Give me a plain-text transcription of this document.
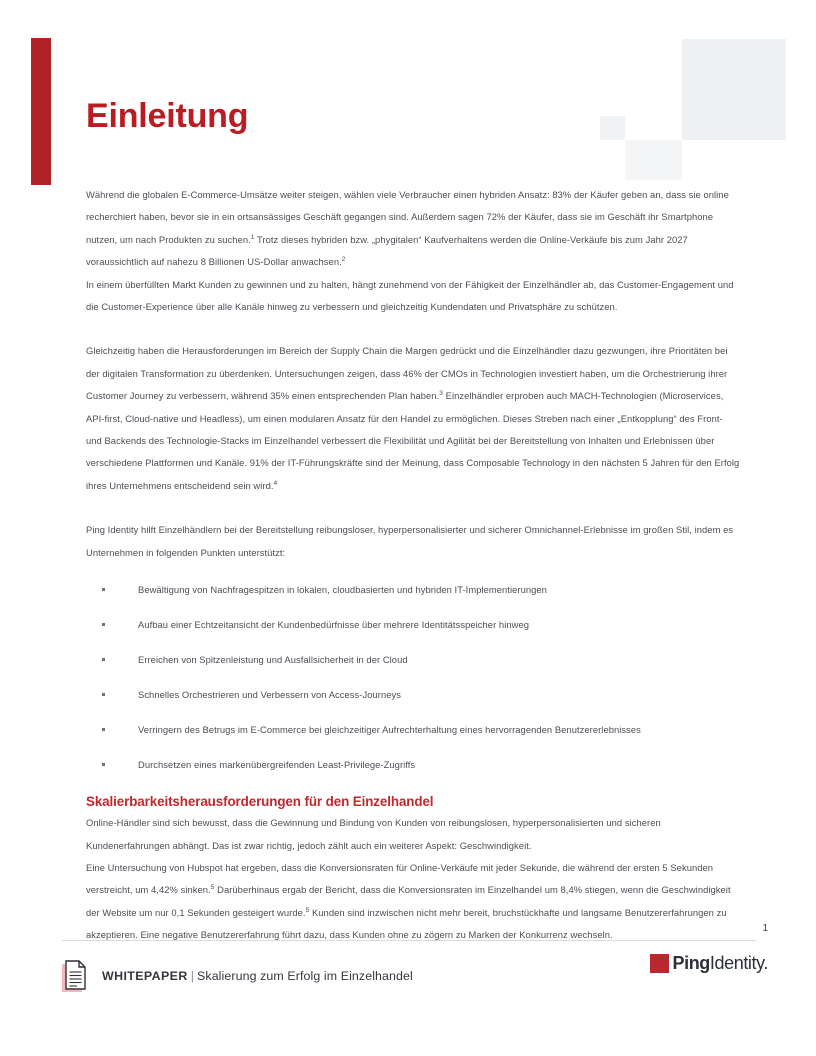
Einleitung

Während die globalen E-Commerce-Umsätze weiter steigen, wählen viele Verbraucher einen hybriden Ansatz: 83% der Käufer geben an, dass sie online recherchiert haben, bevor sie in ein ortsansässiges Geschäft gegangen sind. Außerdem sagen 72% der Käufer, dass sie im Geschäft ihr Smartphone nutzen, um nach Produkten zu suchen.$^1$ Trotz dieses hybriden bzw. „phygitalen“ Kaufverhaltens werden die Online-Verkäufe bis zum Jahr 2027 voraussichtlich auf nahezu 8 Billionen US-Dollar anwachsen.$^2$

In einem überfüllten Markt Kunden zu gewinnen und zu halten, hängt zunehmend von der Fähigkeit der Einzelhändler ab, das Customer-Engagement und die Customer-Experience über alle Kanäle hinweg zu verbessern und gleichzeitig Kundendaten und Privatsphäre zu schützen.

Gleichzeitig haben die Herausforderungen im Bereich der Supply Chain die Margen gedrückt und die Einzelhändler dazu gezwungen, ihre Prioritäten bei der digitalen Transformation zu überdenken. Untersuchungen zeigen, dass 46% der CMOs in Technologien investiert haben, um die Orchestrierung ihrer Customer Journey zu verbessern, während 35% einen entsprechenden Plan haben.$^3$ Einzelhändler erproben auch MACH-Technologien (Microservices, API-first, Cloud-native und Headless), um einen modularen Ansatz für den Handel zu ermöglichen. Dieses Streben nach einer „Entkopplung“ des Front- und Backends des Technologie-Stacks im Einzelhandel verbessert die Flexibilität und Agilität bei der Bereitstellung von Inhalten und Erlebnissen über verschiedene Plattformen und Kanäle. 91% der IT-Führungskräfte sind der Meinung, dass Composable Technology in den nächsten 5 Jahren für den Erfolg ihres Unternehmens entscheidend sein wird.$^4$

Ping Identity hilft Einzelhändlern bei der Bereitstellung reibungsloser, hyperpersonalisierter und sicherer Omnichannel-Erlebnisse im großen Stil, indem es Unternehmen in folgenden Punkten unterstützt:

Bewältigung von Nachfragespitzen in lokalen, cloudbasierten und hybriden IT-Implementierungen
Aufbau einer Echtzeitansicht der Kundenbedürfnisse über mehrere Identitätsspeicher hinweg
Erreichen von Spitzenleistung und Ausfallsicherheit in der Cloud
Schnelles Orchestrieren und Verbessern von Access-Journeys
Verringern des Betrugs im E-Commerce bei gleichzeitiger Aufrechterhaltung eines hervorragenden Benutzererlebnisses
Durchsetzen eines markenübergreifenden Least-Privilege-Zugriffs
Skalierbarkeitsherausforderungen für den Einzelhandel

Online-Händler sind sich bewusst, dass die Gewinnung und Bindung von Kunden von reibungslosen, hyperpersonalisierten und sicheren Kundenerfahrungen abhängt. Das ist zwar richtig, jedoch zählt auch ein weiterer Aspekt: Geschwindigkeit.

Eine Untersuchung von Hubspot hat ergeben, dass die Konversionsraten für Online-Verkäufe mit jeder Sekunde, die während der ersten 5 Sekunden verstreicht, um 4,42% sinken.$^5$ Darüberhinaus ergab der Bericht, dass die Konversionsraten im Einzelhandel um 8,4% stiegen, wenn die Geschwindigkeit der Website um nur 0,1 Sekunden gesteigert wurde.$^5$ Kunden sind inzwischen nicht mehr bereit, bruchstückhafte und langsame Benutzererfahrungen zu akzeptieren. Eine negative Benutzererfahrung führt dazu, dass Kunden ohne zu zögern zu Marken der Konkurrenz wechseln.

1
WHITEPAPER | Skalierung zum Erfolg im Einzelhandel
PingIdentity.
